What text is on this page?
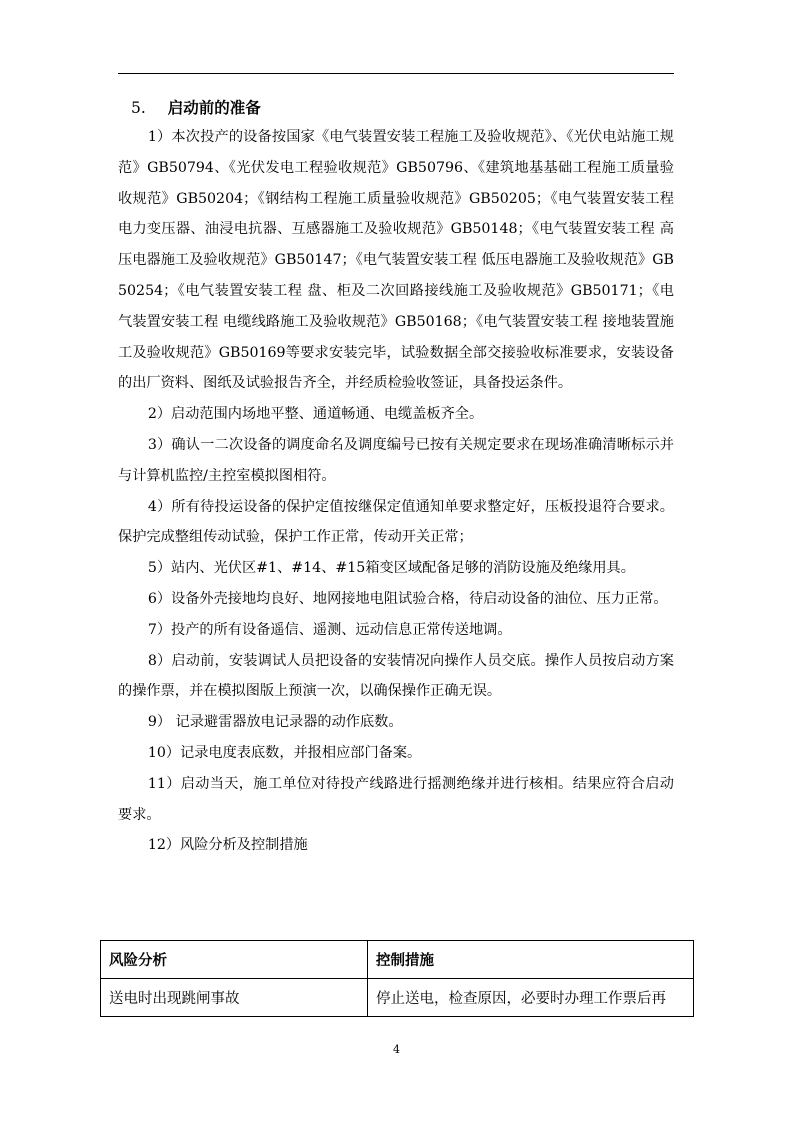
5. 启动前的准备

1）本次投产的设备按国家《电气装置安装工程施工及验收规范》、《光伏电站施工规范》GB50794、《光伏发电工程验收规范》GB50796、《建筑地基基础工程施工质量验收规范》GB50204；《钢结构工程施工质量验收规范》GB50205；《电气装置安装工程 电力变压器、油浸电抗器、互感器施工及验收规范》GB50148；《电气装置安装工程 高压电器施工及验收规范》GB50147；《电气装置安装工程 低压电器施工及验收规范》GB50254；《电气装置安装工程 盘、柜及二次回路接线施工及验收规范》GB50171；《电气装置安装工程 电缆线路施工及验收规范》GB50168；《电气装置安装工程 接地装置施工及验收规范》GB50169等要求安装完毕，试验数据全部交接验收标准要求，安装设备的出厂资料、图纸及试验报告齐全，并经质检验收签证，具备投运条件。

2）启动范围内场地平整、通道畅通、电缆盖板齐全。

3）确认一二次设备的调度命名及调度编号已按有关规定要求在现场准确清晰标示并与计算机监控/主控室模拟图相符。

4）所有待投运设备的保护定值按继保定值通知单要求整定好，压板投退符合要求。保护完成整组传动试验，保护工作正常，传动开关正常；

5）站内、光伏区#1、#14、#15箱变区域配备足够的消防设施及绝缘用具。

6）设备外壳接地均良好、地网接地电阻试验合格，待启动设备的油位、压力正常。

7）投产的所有设备遥信、遥测、远动信息正常传送地调。

8）启动前，安装调试人员把设备的安装情况向操作人员交底。操作人员按启动方案的操作票，并在模拟图版上预演一次，以确保操作正确无误。

9） 记录避雷器放电记录器的动作底数。

10）记录电度表底数，并报相应部门备案。

11）启动当天，施工单位对待投产线路进行摇测绝缘并进行核相。结果应符合启动要求。

12）风险分析及控制措施

风险分析	控制措施
送电时出现跳闸事故	停止送电，检查原因，必要时办理工作票后再
4
